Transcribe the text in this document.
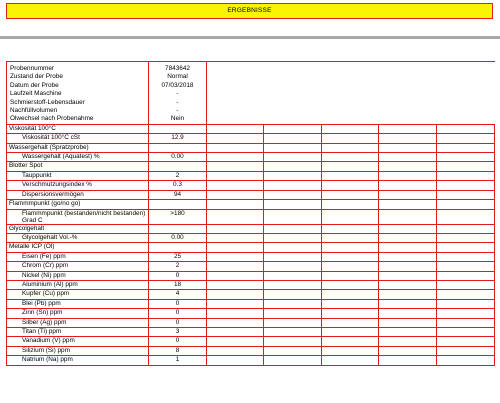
ERGEBNISSE
Probennummer	7843642					
Zustand der Probe	Normal					
Datum der Probe	07/03/2018					
Laufzeit Maschine	-					
Schmierstoff-Lebensdauer	-					
Nachfüllvolumen	-					
Ölwechsel nach Probenahme	Nein					
Viskosität 100°C						
Viskosität 100°C cSt	12.9					
Wassergehalt (Spratzprobe)						
Wassergehalt (Aquatest) %	0.00					
Blotter Spot						
Tauppunkt	2					
Verschmutzungsindex %	0.3					
Dispersionsvermögen	94					
Flammmpunkt (go/no go)						
Flammmpunkt (bestanden/nicht bestanden) Grad C	>180					
Glycolgehalt						
Glycolgehalt Vol.-%	0.00					
Metalle ICP (Öl)						
Eisen (Fe) ppm	25					
Chrom (Cr) ppm	2					
Nickel (Ni) ppm	0					
Aluminium (Al) ppm	18					
Kupfer (Cu) ppm	4					
Blei (Pb) ppm	0					
Zinn (Sn) ppm	0					
Silber (Ag) ppm	0					
Titan (Ti) ppm	3					
Vanadium (V) ppm	0					
Silizium (Si) ppm	8					
Natrium (Na) ppm	1					
